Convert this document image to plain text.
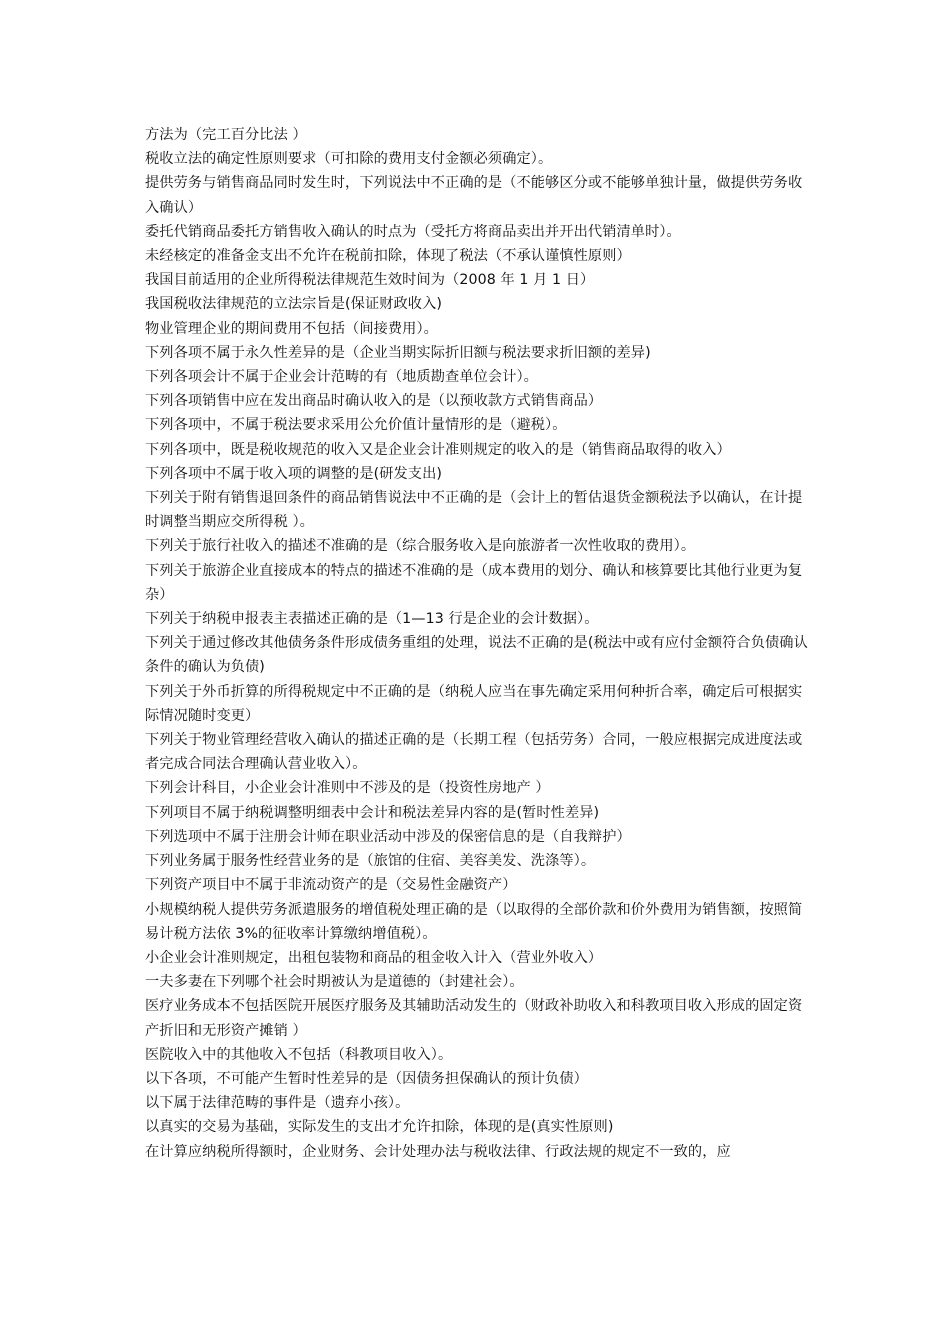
方法为（完工百分比法 ）

税收立法的确定性原则要求（可扣除的费用支付金额必须确定）。

提供劳务与销售商品同时发生时，下列说法中不正确的是（不能够区分或不能够单独计量，做提供劳务收入确认）

委托代销商品委托方销售收入确认的时点为（受托方将商品卖出并开出代销清单时）。

未经核定的准备金支出不允许在税前扣除，体现了税法（不承认谨慎性原则）

我国目前适用的企业所得税法律规范生效时间为（2008 年 1 月 1 日）

我国税收法律规范的立法宗旨是(保证财政收入)

物业管理企业的期间费用不包括（间接费用）。

下列各项不属于永久性差异的是（企业当期实际折旧额与税法要求折旧额的差异)

下列各项会计不属于企业会计范畴的有（地质勘查单位会计）。

下列各项销售中应在发出商品时确认收入的是（以预收款方式销售商品）

下列各项中，不属于税法要求采用公允价值计量情形的是（避税）。

下列各项中，既是税收规范的收入又是企业会计准则规定的收入的是（销售商品取得的收入）

下列各项中不属于收入项的调整的是(研发支出)

下列关于附有销售退回条件的商品销售说法中不正确的是（会计上的暂估退货金额税法予以确认，在计提时调整当期应交所得税 ）。

下列关于旅行社收入的描述不准确的是（综合服务收入是向旅游者一次性收取的费用）。

下列关于旅游企业直接成本的特点的描述不准确的是（成本费用的划分、确认和核算要比其他行业更为复杂）

下列关于纳税申报表主表描述正确的是（1—13 行是企业的会计数据）。

下列关于通过修改其他债务条件形成债务重组的处理，说法不正确的是(税法中或有应付金额符合负债确认条件的确认为负债)

下列关于外币折算的所得税规定中不正确的是（纳税人应当在事先确定采用何种折合率，确定后可根据实际情况随时变更）

下列关于物业管理经营收入确认的描述正确的是（长期工程（包括劳务）合同，一般应根据完成进度法或者完成合同法合理确认营业收入）。

下列会计科目，小企业会计准则中不涉及的是（投资性房地产 ）

下列项目不属于纳税调整明细表中会计和税法差异内容的是(暂时性差异)

下列选项中不属于注册会计师在职业活动中涉及的保密信息的是（自我辩护）

下列业务属于服务性经营业务的是（旅馆的住宿、美容美发、洗涤等）。

下列资产项目中不属于非流动资产的是（交易性金融资产）

小规模纳税人提供劳务派遣服务的增值税处理正确的是（以取得的全部价款和价外费用为销售额，按照简易计税方法依 3%的征收率计算缴纳增值税）。

小企业会计准则规定，出租包装物和商品的租金收入计入（营业外收入）

一夫多妻在下列哪个社会时期被认为是道德的（封建社会）。

医疗业务成本不包括医院开展医疗服务及其辅助活动发生的（财政补助收入和科教项目收入形成的固定资产折旧和无形资产摊销 ）

医院收入中的其他收入不包括（科教项目收入）。

以下各项，不可能产生暂时性差异的是（因债务担保确认的预计负债）

以下属于法律范畴的事件是（遗弃小孩）。

以真实的交易为基础，实际发生的支出才允许扣除，体现的是(真实性原则)

在计算应纳税所得额时，企业财务、会计处理办法与税收法律、行政法规的规定不一致的，应
